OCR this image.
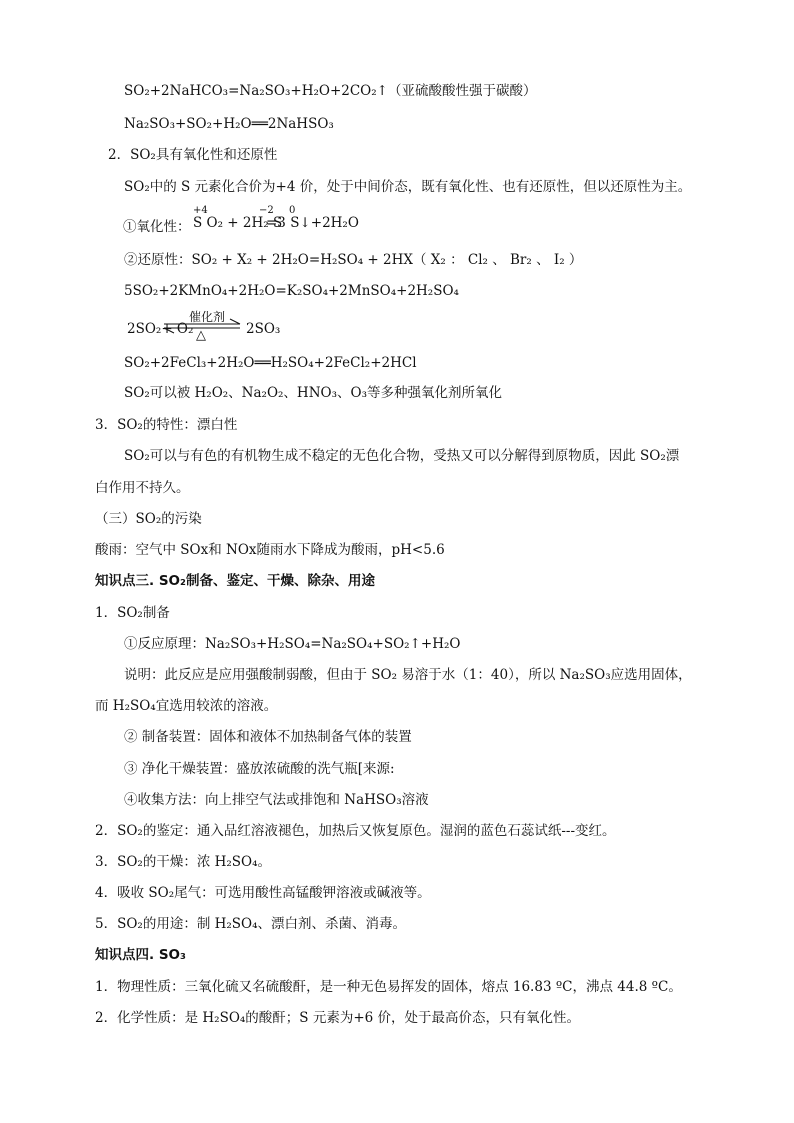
SO₂+2NaHCO₃=Na₂SO₃+H₂O+2CO₂↑（亚硫酸酸性强于碳酸）
Na₂SO₃+SO₂+H₂O══2NaHSO₃
2．SO₂具有氧化性和还原性
SO₂中的 S 元素化合价为+4 价，处于中间价态，既有氧化性、也有还原性，但以还原性为主。
①氧化性：
+4	−2 0
S O₂ + 2H₂ S
=3 S↓+2H₂O
②还原性：SO₂ + X₂ + 2H₂O=H₂SO₄ + 2HX（ X₂ ： Cl₂ 、 Br₂ 、 I₂ ）
5SO₂+2KMnO₄+2H₂O=K₂SO₄+2MnSO₄+2H₂SO₄
2SO₂+ O₂
催化剂
△	2SO₃
SO₂+2FeCl₃+2H₂O══H₂SO₄+2FeCl₂+2HCl
SO₂可以被 H₂O₂、Na₂O₂、HNO₃、O₃等多种强氧化剂所氧化
3．SO₂的特性：漂白性
SO₂可以与有色的有机物生成不稳定的无色化合物，受热又可以分解得到原物质，因此 SO₂漂
白作用不持久。
（三）SO₂的污染
酸雨：空气中 SOx和 NOx随雨水下降成为酸雨，pH<5.6
知识点三. SO₂制备、鉴定、干燥、除杂、用途
1．SO₂制备
①反应原理：Na₂SO₃+H₂SO₄=Na₂SO₄+SO₂↑+H₂O
说明：此反应是应用强酸制弱酸，但由于 SO₂ 易溶于水（1：40），所以 Na₂SO₃应选用固体，
而 H₂SO₄宜选用较浓的溶液。
② 制备装置：固体和液体不加热制备气体的装置
③ 净化干燥装置：盛放浓硫酸的洗气瓶[来源:
④收集方法：向上排空气法或排饱和 NaHSO₃溶液
2．SO₂的鉴定：通入品红溶液褪色，加热后又恢复原色。湿润的蓝色石蕊试纸---变红。
3．SO₂的干燥：浓 H₂SO₄。
4．吸收 SO₂尾气：可选用酸性高锰酸钾溶液或碱液等。
5．SO₂的用途：制 H₂SO₄、漂白剂、杀菌、消毒。
知识点四. SO₃
1．物理性质：三氧化硫又名硫酸酐，是一种无色易挥发的固体，熔点 16.83 ºC，沸点 44.8 ºC。
2．化学性质：是 H₂SO₄的酸酐；S 元素为+6 价，处于最高价态，只有氧化性。
